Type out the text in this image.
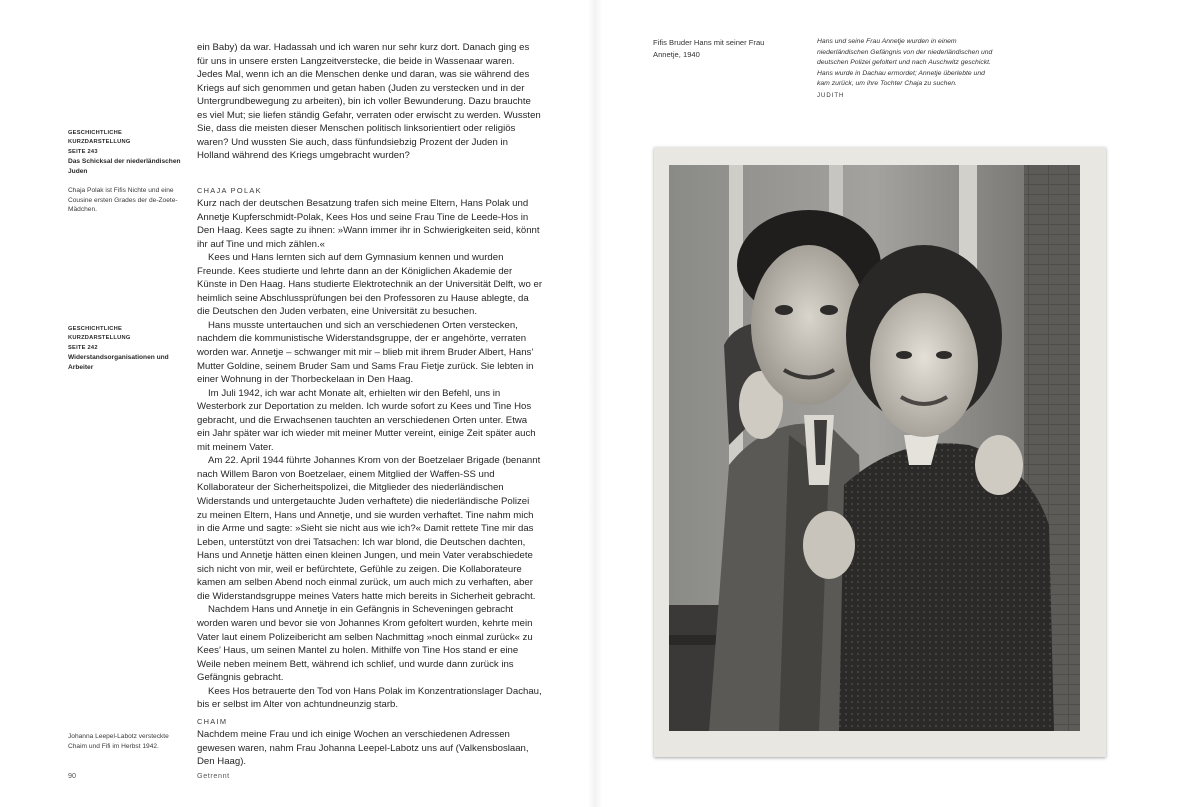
ein Baby) da war. Hadassah und ich waren nur sehr kurz dort. Danach ging es für uns in unsere ersten Langzeitverstecke, die beide in Wassenaar waren. Jedes Mal, wenn ich an die Menschen denke und daran, was sie während des Kriegs auf sich genommen und getan haben (Juden zu verstecken und in der Untergrundbewegung zu arbeiten), bin ich voller Bewunderung. Dazu brauchte es viel Mut; sie liefen ständig Gefahr, verraten oder erwischt zu werden. Wussten Sie, dass die meisten dieser Menschen politisch linksorientiert oder religiös waren? Und wussten Sie auch, dass fünfundsiebzig Prozent der Juden in Holland während des Kriegs umgebracht wurden?

GESCHICHTLICHE KURZDARSTELLUNG
SEITE 243
Das Schicksal der niederländischen Juden
Chaja Polak ist Fifis Nichte und eine Cousine ersten Grades der de-Zoete-Mädchen.
CHAJA POLAK

Kurz nach der deutschen Besatzung trafen sich meine Eltern, Hans Polak und Annetje Kupferschmidt-Polak, Kees Hos und seine Frau Tine de Leede-Hos in Den Haag. Kees sagte zu ihnen: »Wann immer ihr in Schwierigkeiten seid, könnt ihr auf Tine und mich zählen.«

Kees und Hans lernten sich auf dem Gymnasium kennen und wurden Freunde. Kees studierte und lehrte dann an der Königlichen Akademie der Künste in Den Haag. Hans studierte Elektrotechnik an der Universität Delft, wo er heimlich seine Abschlussprüfungen bei den Professoren zu Hause ablegte, da die Deutschen den Juden verbaten, eine Universität zu besuchen.

Hans musste untertauchen und sich an verschiedenen Orten verstecken, nachdem die kommunistische Widerstandsgruppe, der er angehörte, verraten worden war. Annetje – schwanger mit mir – blieb mit ihrem Bruder Albert, Hans’ Mutter Goldine, seinem Bruder Sam und Sams Frau Fietje zurück. Sie lebten in einer Wohnung in der Thorbeckelaan in Den Haag.

Im Juli 1942, ich war acht Monate alt, erhielten wir den Befehl, uns in Westerbork zur Deportation zu melden. Ich wurde sofort zu Kees und Tine Hos gebracht, und die Erwachsenen tauchten an verschiedenen Orten unter. Etwa ein Jahr später war ich wieder mit meiner Mutter vereint, einige Zeit später auch mit meinem Vater.

Am 22. April 1944 führte Johannes Krom von der Boetzelaer Brigade (benannt nach Willem Baron von Boetzelaer, einem Mitglied der Waffen-SS und Kollaborateur der Sicherheitspolizei, die Mitglieder des niederländischen Widerstands und untergetauchte Juden verhaftete) die niederländische Polizei zu meinen Eltern, Hans und Annetje, und sie wurden verhaftet. Tine nahm mich in die Arme und sagte: »Sieht sie nicht aus wie ich?« Damit rettete Tine mir das Leben, unterstützt von drei Tatsachen: Ich war blond, die Deutschen dachten, Hans und Annetje hätten einen kleinen Jungen, und mein Vater verabschiedete sich nicht von mir, weil er befürchtete, Gefühle zu zeigen. Die Kollaborateure kamen am selben Abend noch einmal zurück, um auch mich zu verhaften, aber die Widerstandsgruppe meines Vaters hatte mich bereits in Sicherheit gebracht.

Nachdem Hans und Annetje in ein Gefängnis in Scheveningen gebracht worden waren und bevor sie von Johannes Krom gefoltert wurden, kehrte mein Vater laut einem Polizeibericht am selben Nachmittag »noch einmal zurück« zu Kees’ Haus, um seinen Mantel zu holen. Mithilfe von Tine Hos stand er eine Weile neben meinem Bett, während ich schlief, und wurde dann zurück ins Gefängnis gebracht.

Kees Hos betrauerte den Tod von Hans Polak im Konzentrationslager Dachau, bis er selbst im Alter von achtundneunzig starb.

GESCHICHTLICHE KURZDARSTELLUNG
SEITE 242
Widerstandsorganisationen und Arbeiter
CHAIM

Nachdem meine Frau und ich einige Wochen an verschiedenen Adressen gewesen waren, nahm Frau Johanna Leepel-Labotz uns auf (Valkensboslaan, Den Haag).

Johanna Leepel-Labotz versteckte Chaim und Fifi im Herbst 1942.
90	Getrennt
Fifis Bruder Hans mit seiner Frau Annetje, 1940
Hans und seine Frau Annetje wurden in einem niederländischen Gefängnis von der niederländischen und deutschen Polizei gefoltert und nach Auschwitz geschickt. Hans wurde in Dachau ermordet; Annetje überlebte und kam zurück, um ihre Tochter Chaja zu suchen.
JUDITH
